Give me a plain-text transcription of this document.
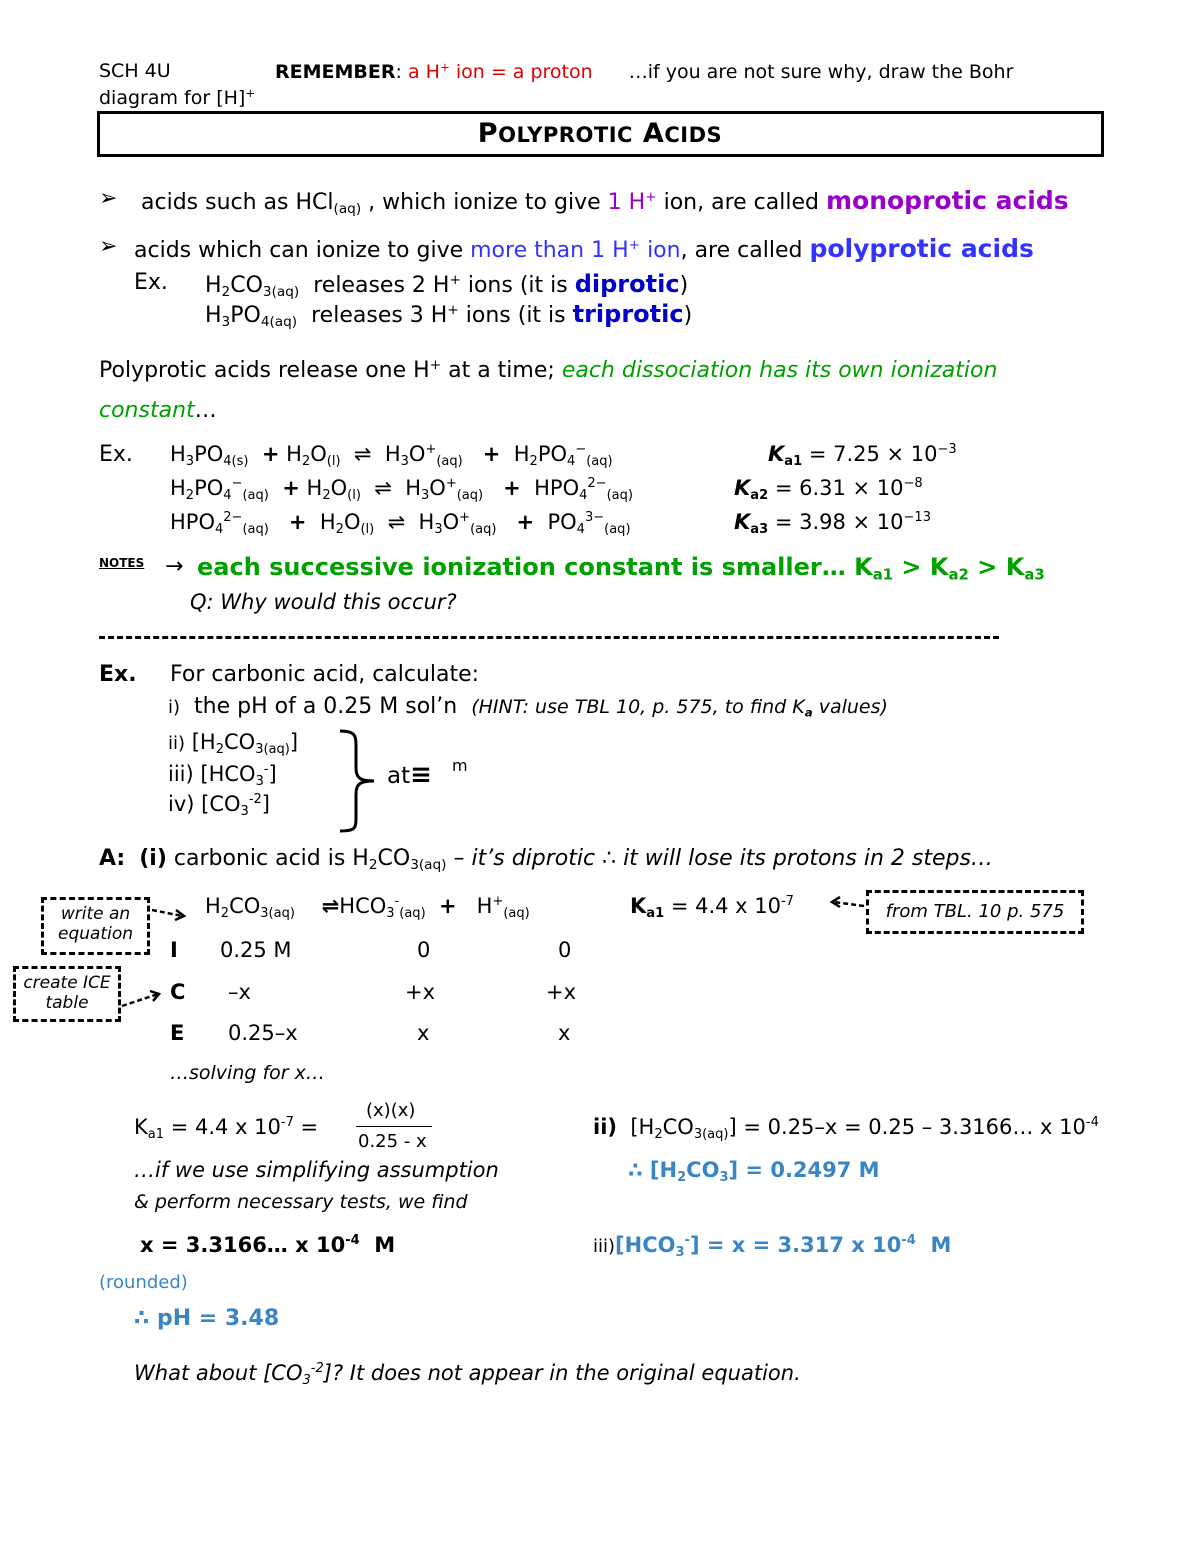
SCH 4U	REMEMBER: a H+ ion = a proton …if you are not sure why, draw the Bohr
diagram for [H]+
POLYPROTIC ACIDS
➢ acids such as HCl$_{(aq)}$ , which ionize to give 1 H+ ion, are called monoprotic acids
➢ acids which can ionize to give more than 1 H+ ion, are called polyprotic acids
Ex. $H_2CO_{3(aq)}$ releases 2 H+ ions (it is diprotic)
$H_3PO_{4(aq)}$ releases 3 H+ ions (it is triprotic)
Polyprotic acids release one H+ at a time; each dissociation has its own ionization
constant…
Ex. $H_3PO_{4(s)} + H_2O_{(l)}$  ⇌  $H_3O^+_{(aq)} + H_2PO_4^-_{(aq)}$	$K_{a1} = 7.25 \times 10^{-3}$
$H_2PO_4^-_{(aq)} + H_2O_{(l)}$  ⇌  $H_3O^+_{(aq)} + HPO_4^{2-}_{(aq)}$	$K_{a2} = 6.31 \times 10^{-8}$
$HPO_4^{2-}_{(aq)} + H_2O_{(l)}$  ⇌  $H_3O^+_{(aq)} + PO_4^{3-}_{(aq)}$	$K_{a3} = 3.98 \times 10^{-13}$
NOTES → each successive ionization constant is smaller… $K_{a1} > K_{a2} > K_{a3}$
Q: Why would this occur?
Ex. For carbonic acid, calculate:
i) the pH of a 0.25 M sol’n (HINT: use TBL 10, p. 575, to find $K_a$ values)
ii) $[H_2CO_{3(aq)}]$
iii) $[HCO_3^-]$
iv) $[CO_3^{-2}]$
at≡ m
A: (i) carbonic acid is $H_2CO_{3(aq)}$ – it’s diprotic ∴ it will lose its protons in 2 steps…
write an equation
create ICE table
$H_2CO_{3(aq)}$ $\rightleftharpoons HCO_3^-_{(aq)} + H^+_{(aq)}$	$K_{a1} = 4.4$ x $10^{-7}$	from TBL. 10 p. 575
I 0.25 M	0	0
C –x	+x	+x
E 0.25–x	x	x
…solving for x…
$K_{a1} = 4.4$ x $10^{-7}$ =
(x)(x)
0.25 - x
…if we use simplifying assumption
& perform necessary tests, we find
x = 3.3166… x $10^{-4}$ M
(rounded)
∴ pH = 3.48
ii)  $[H_2CO_{3(aq)}] = 0.25-x = 0.25$ – 3.3166… x $10^{-4}$
∴ $[H_2CO_3] = 0.2497$ M
$iii)[HCO_3^-] = x = 3.317$ x $10^{-4}$ M
What about $[CO_3^{-2}]$? It does not appear in the original equation.
